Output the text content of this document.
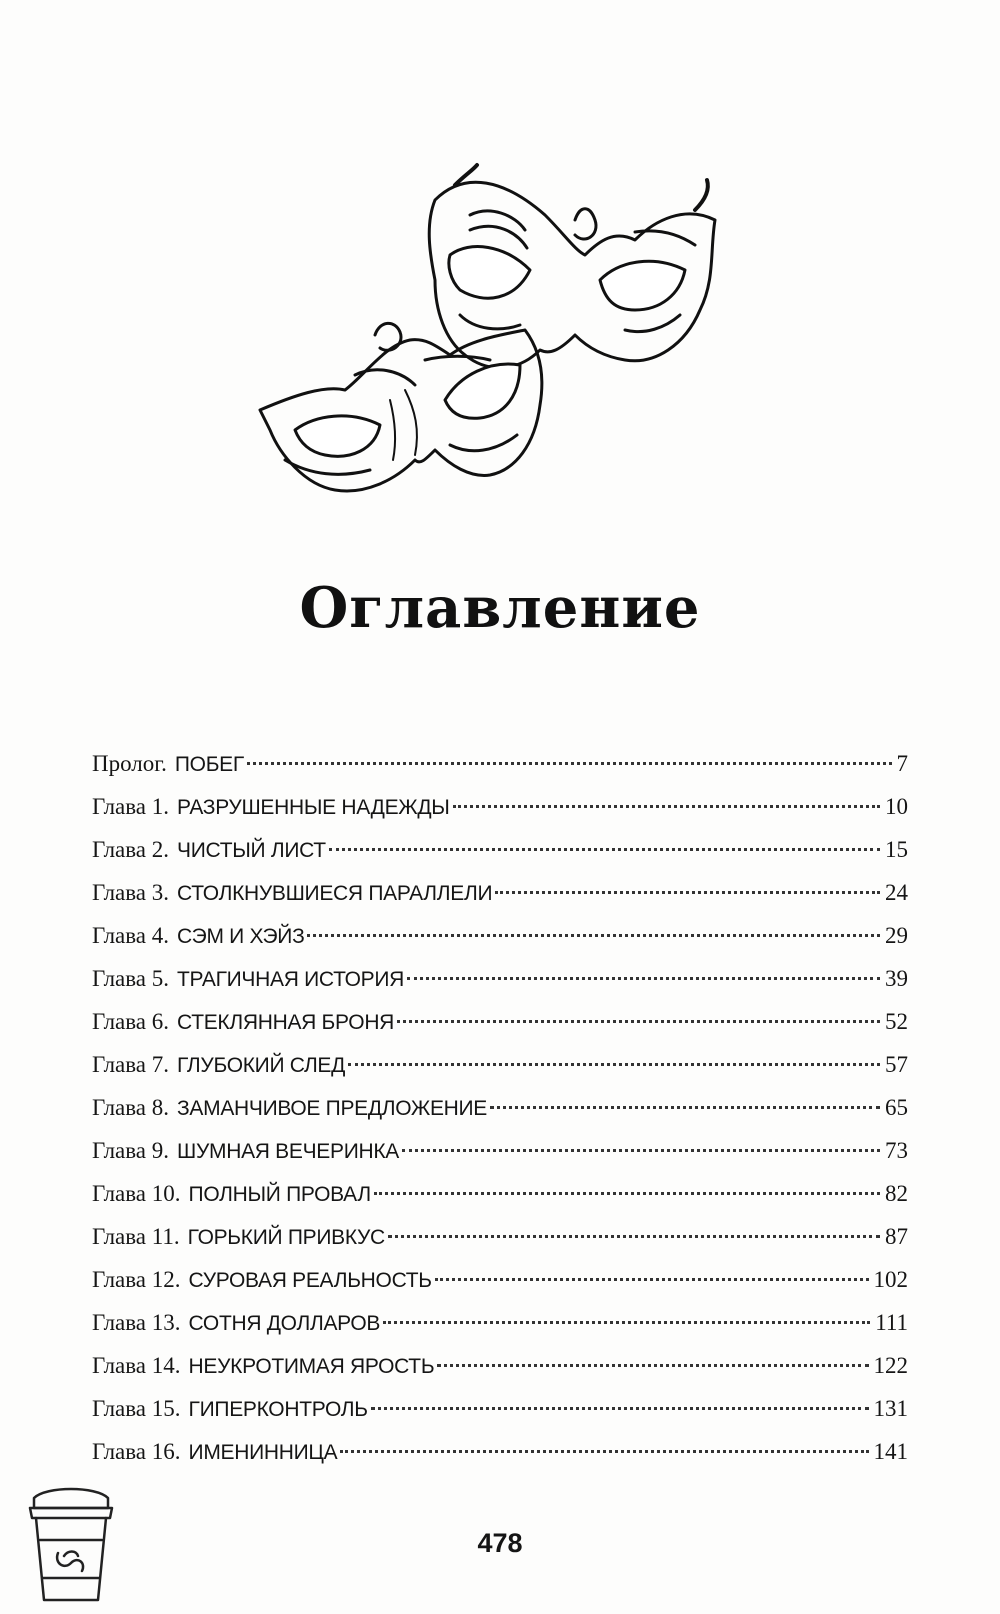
Оглавление
Пролог. ПОБЕГ	7
Глава 1. РАЗРУШЕННЫЕ НАДЕЖДЫ	10
Глава 2. ЧИСТЫЙ ЛИСТ	15
Глава 3. СТОЛКНУВШИЕСЯ ПАРАЛЛЕЛИ	24
Глава 4. СЭМ И ХЭЙЗ	29
Глава 5. ТРАГИЧНАЯ ИСТОРИЯ	39
Глава 6. СТЕКЛЯННАЯ БРОНЯ	52
Глава 7. ГЛУБОКИЙ СЛЕД	57
Глава 8. ЗАМАНЧИВОЕ ПРЕДЛОЖЕНИЕ	65
Глава 9. ШУМНАЯ ВЕЧЕРИНКА	73
Глава 10. ПОЛНЫЙ ПРОВАЛ	82
Глава 11. ГОРЬКИЙ ПРИВКУС	87
Глава 12. СУРОВАЯ РЕАЛЬНОСТЬ	102
Глава 13. СОТНЯ ДОЛЛАРОВ	111
Глава 14. НЕУКРОТИМАЯ ЯРОСТЬ	122
Глава 15. ГИПЕРКОНТРОЛЬ	131
Глава 16. ИМЕНИННИЦА	141
478
